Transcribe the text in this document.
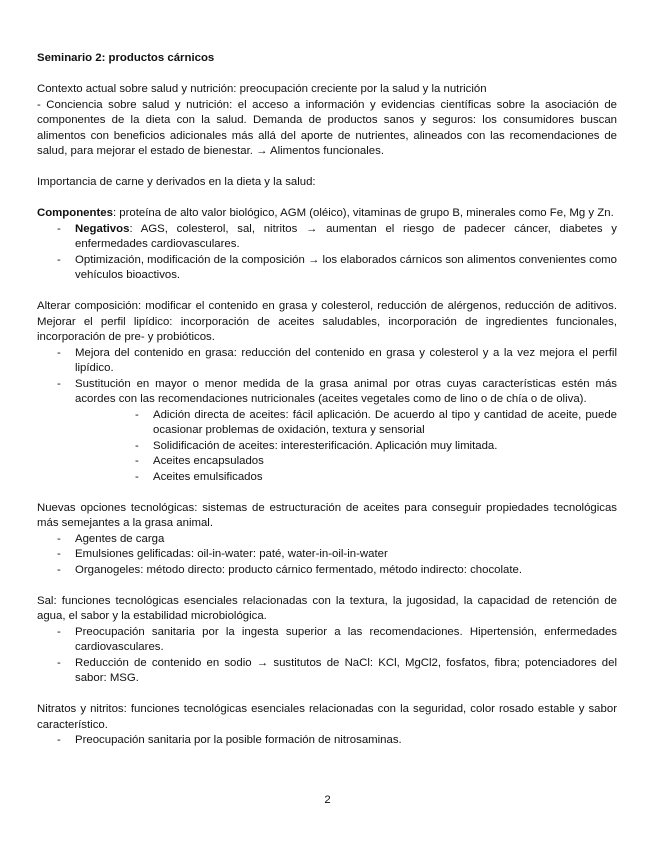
Seminario 2: productos cárnicos

Contexto actual sobre salud y nutrición: preocupación creciente por la salud y la nutrición

- Conciencia sobre salud y nutrición: el acceso a información y evidencias científicas sobre la asociación de componentes de la dieta con la salud. Demanda de productos sanos y seguros: los consumidores buscan alimentos con beneficios adicionales más allá del aporte de nutrientes, alineados con las recomendaciones de salud, para mejorar el estado de bienestar. → Alimentos funcionales.

Importancia de carne y derivados en la dieta y la salud:

Componentes: proteína de alto valor biológico, AGM (oléico), vitaminas de grupo B, minerales como Fe, Mg y Zn.

- Negativos: AGS, colesterol, sal, nitritos → aumentan el riesgo de padecer cáncer, diabetes y enfermedades cardiovasculares.
- Optimización, modificación de la composición → los elaborados cárnicos son alimentos convenientes como vehículos bioactivos.

Alterar composición: modificar el contenido en grasa y colesterol, reducción de alérgenos, reducción de aditivos. Mejorar el perfil lipídico: incorporación de aceites saludables, incorporación de ingredientes funcionales, incorporación de pre- y probióticos.

- Mejora del contenido en grasa: reducción del contenido en grasa y colesterol y a la vez mejora el perfil lipídico.
- Sustitución en mayor o menor medida de la grasa animal por otras cuyas características estén más acordes con las recomendaciones nutricionales (aceites vegetales como de lino o de chía o de oliva).
- Adición directa de aceites: fácil aplicación. De acuerdo al tipo y cantidad de aceite, puede ocasionar problemas de oxidación, textura y sensorial
- Solidificación de aceites: interesterificación. Aplicación muy limitada.
- Aceites encapsulados
- Aceites emulsificados

Nuevas opciones tecnológicas: sistemas de estructuración de aceites para conseguir propiedades tecnológicas más semejantes a la grasa animal.

- Agentes de carga
- Emulsiones gelificadas: oil-in-water: paté, water-in-oil-in-water
- Organogeles: método directo: producto cárnico fermentado, método indirecto: chocolate.

Sal: funciones tecnológicas esenciales relacionadas con la textura, la jugosidad, la capacidad de retención de agua, el sabor y la estabilidad microbiológica.

- Preocupación sanitaria por la ingesta superior a las recomendaciones. Hipertensión, enfermedades cardiovasculares.
- Reducción de contenido en sodio → sustitutos de NaCl: KCl, MgCl2, fosfatos, fibra; potenciadores del sabor: MSG.

Nitratos y nitritos: funciones tecnológicas esenciales relacionadas con la seguridad, color rosado estable y sabor característico.

- Preocupación sanitaria por la posible formación de nitrosaminas.
2
